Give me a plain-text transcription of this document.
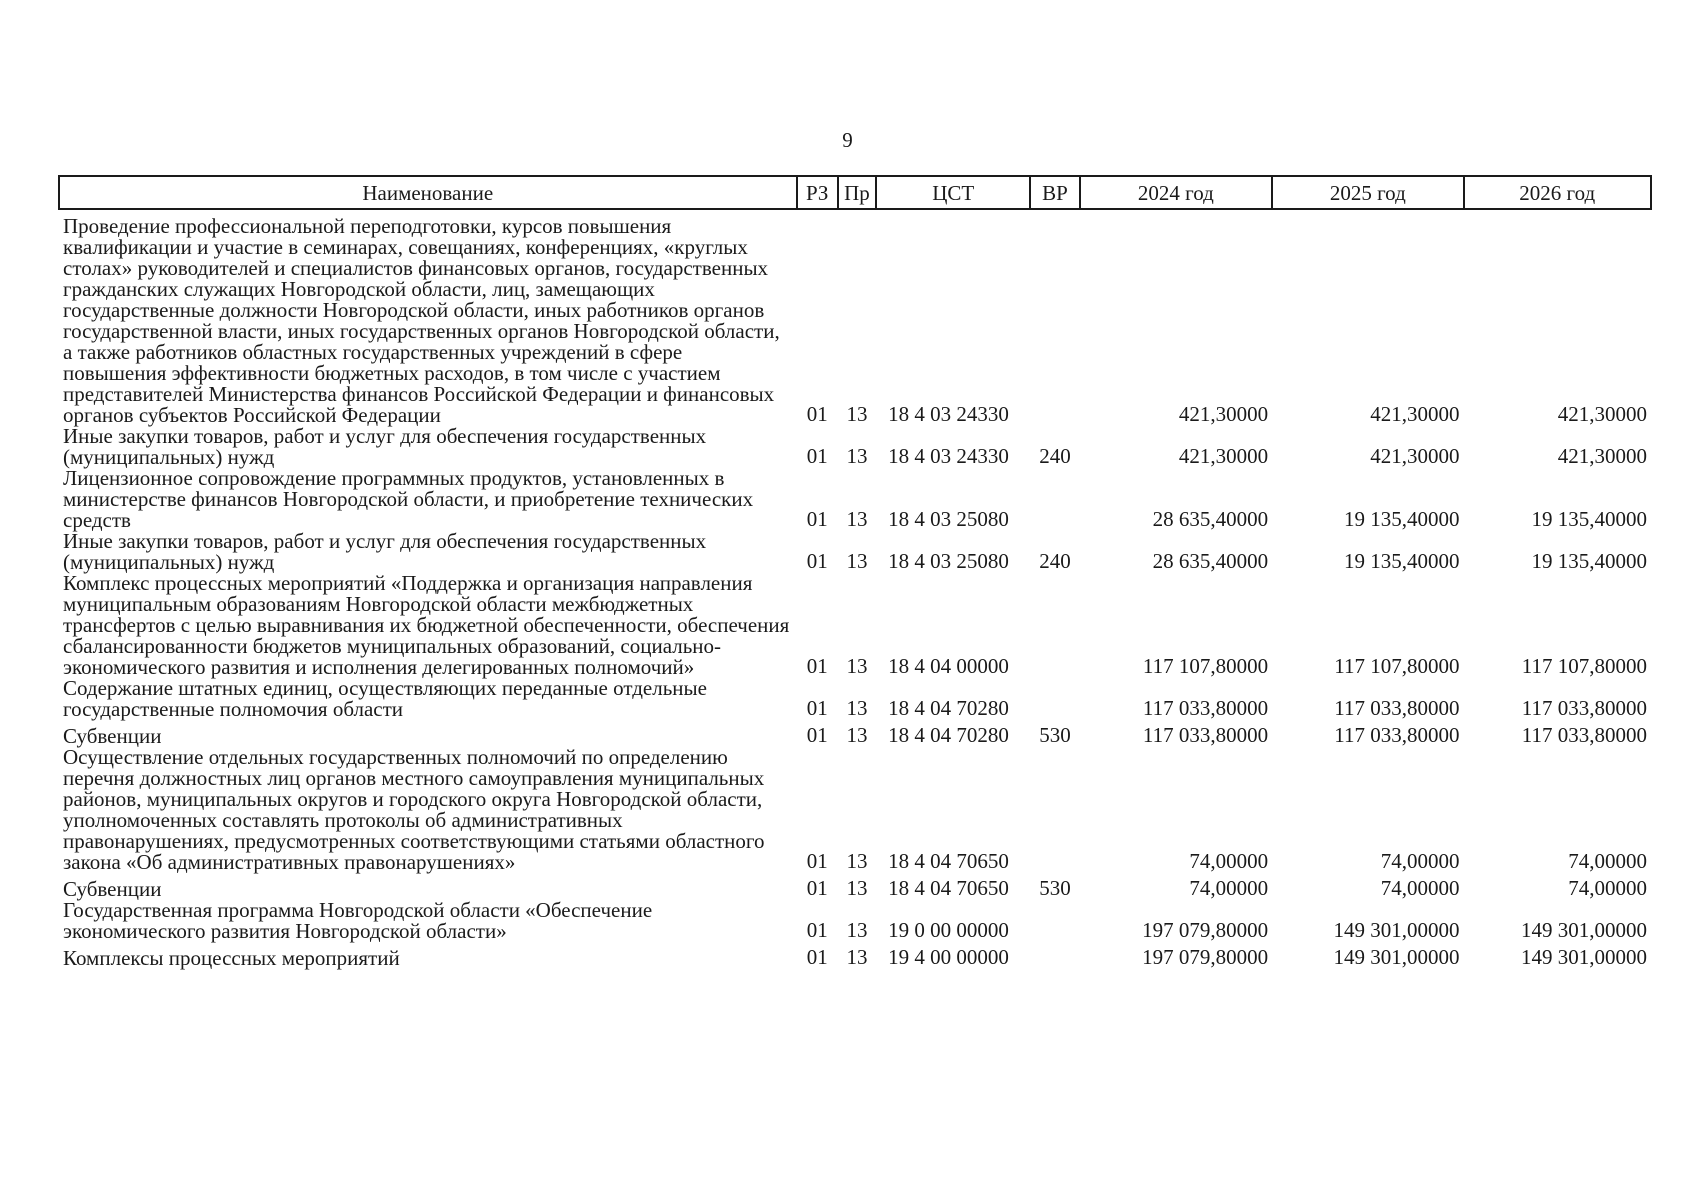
9
Наименование	РЗ	Пр	ЦСТ	ВР	2024 год	2025 год	2026 год
Проведение профессиональной переподготовки, курсов повышения квалификации и участие в семинарах, совещаниях, конференциях, «круглых столах» руководителей и специалистов финансовых органов, государственных гражданских служащих Новгородской области, лиц, замещающих государственные должности Новгородской области, иных работников органов государственной власти, иных государственных органов Новгородской области, а также работников областных государственных учреждений в сфере повышения эффективности бюджетных расходов, в том числе с участием представителей Министерства финансов Российской Федерации и финансовых органов субъектов Российской Федерации	01	13	18 4 03 24330		421,30000	421,30000	421,30000
Иные закупки товаров, работ и услуг для обеспечения государственных (муниципальных) нужд	01	13	18 4 03 24330	240	421,30000	421,30000	421,30000
Лицензионное сопровождение программных продуктов, установленных в министерстве финансов Новгородской области, и приобретение технических средств	01	13	18 4 03 25080		28 635,40000	19 135,40000	19 135,40000
Иные закупки товаров, работ и услуг для обеспечения государственных (муниципальных) нужд	01	13	18 4 03 25080	240	28 635,40000	19 135,40000	19 135,40000
Комплекс процессных мероприятий «Поддержка и организация направления муниципальным образованиям Новгородской области межбюджетных трансфертов с целью выравнивания их бюджетной обеспеченности, обеспечения сбалансированности бюджетов муниципальных образований, социально-экономического развития и исполнения делегированных полномочий»	01	13	18 4 04 00000		117 107,80000	117 107,80000	117 107,80000
Содержание штатных единиц, осуществляющих переданные отдельные государственные полномочия области	01	13	18 4 04 70280		117 033,80000	117 033,80000	117 033,80000
Субвенции	01	13	18 4 04 70280	530	117 033,80000	117 033,80000	117 033,80000
Осуществление отдельных государственных полномочий по определению перечня должностных лиц органов местного самоуправления муниципальных районов, муниципальных округов и городского округа Новгородской области, уполномоченных составлять протоколы об административных правонарушениях, предусмотренных соответствующими статьями областного закона «Об административных правонарушениях»	01	13	18 4 04 70650		74,00000	74,00000	74,00000
Субвенции	01	13	18 4 04 70650	530	74,00000	74,00000	74,00000
Государственная программа Новгородской области «Обеспечение экономического развития Новгородской области»	01	13	19 0 00 00000		197 079,80000	149 301,00000	149 301,00000
Комплексы процессных мероприятий	01	13	19 4 00 00000		197 079,80000	149 301,00000	149 301,00000
